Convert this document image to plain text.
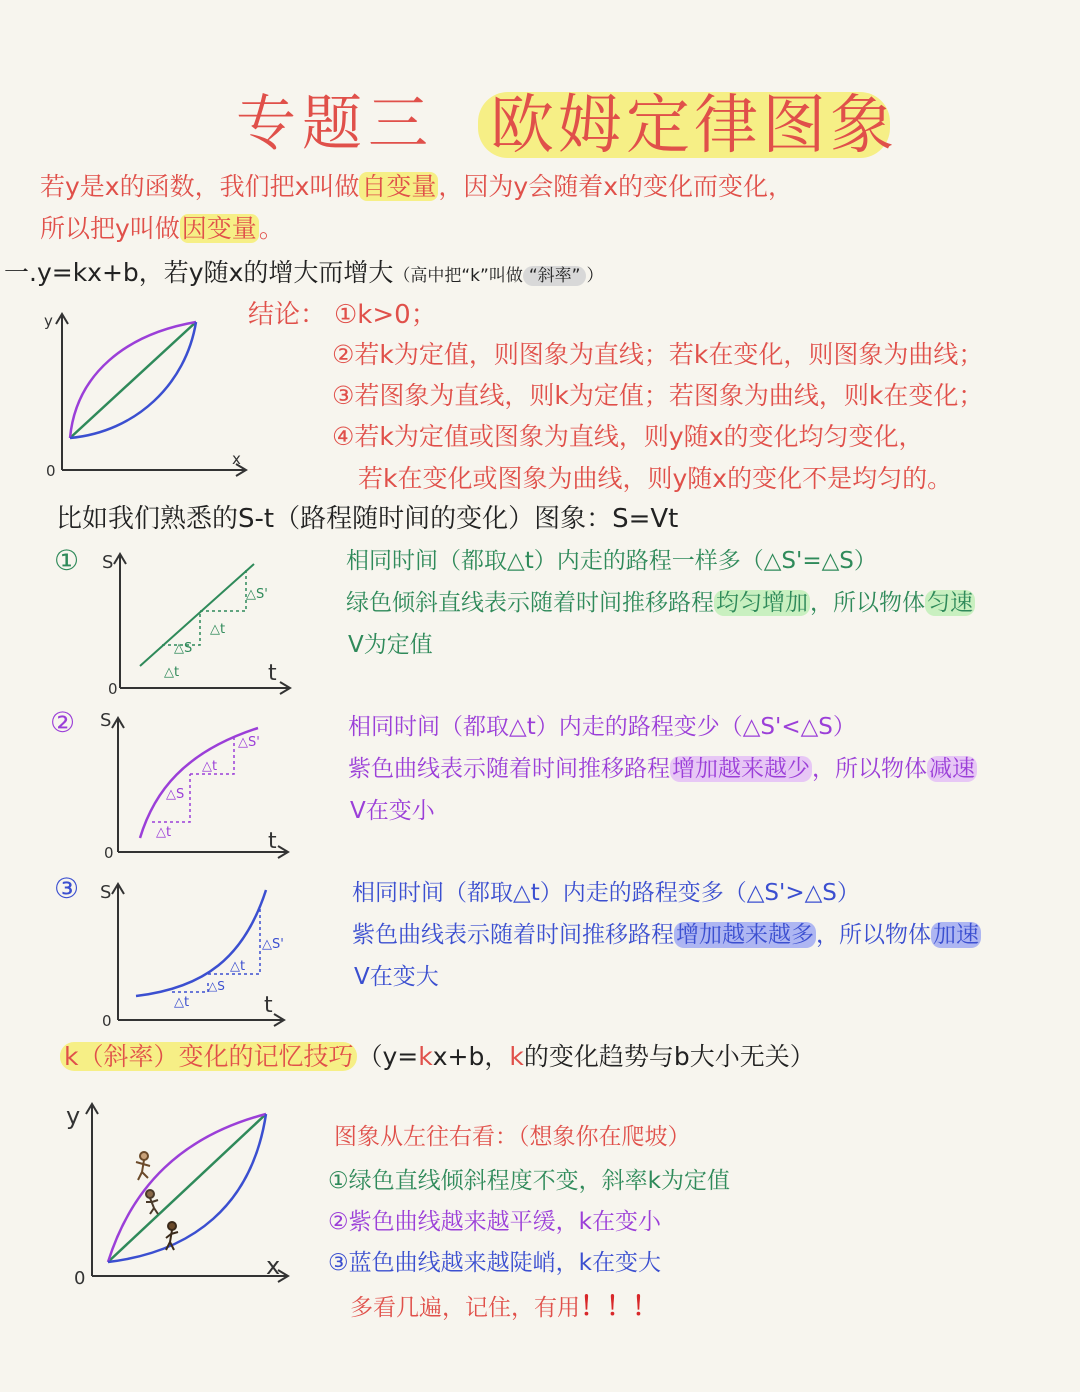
专题三 欧姆定律图象
若y是x的函数，我们把x叫做自变量，因为y会随着x的变化而变化，
所以把y叫做因变量。
一.y=kx+b，若y随x的增大而增大（高中把“k”叫做 “斜率” ）
y
x
0
结论： ①k>0；
②若k为定值，则图象为直线；若k在变化，则图象为曲线；
③若图象为直线，则k为定值；若图象为曲线，则k在变化；
④若k为定值或图象为直线，则y随x的变化均匀变化，
若k在变化或图象为曲线，则y随x的变化不是均匀的。
比如我们熟悉的S-t（路程随时间的变化）图象：S=Vt
① S
t
0
△S'
△t
△S
△t
相同时间（都取△t）内走的路程一样多（△S'=△S）
绿色倾斜直线表示随着时间推移路程均匀增加，所以物体匀速
V为定值
② S
t
0
△S'
△t
△S
△t
相同时间（都取△t）内走的路程变少（△S'<△S）
紫色曲线表示随着时间推移路程增加越来越少，所以物体减速
V在变小
③ S
t
0
△S'
△t
△S
△t
相同时间（都取△t）内走的路程变多（△S'>△S）
紫色曲线表示随着时间推移路程增加越来越多，所以物体加速
V在变大
k（斜率）变化的记忆技巧 （y=kx+b，k的变化趋势与b大小无关）
y
x
0
图象从左往右看：（想象你在爬坡）
①绿色直线倾斜程度不变，斜率k为定值
②紫色曲线越来越平缓，k在变小
③蓝色曲线越来越陡峭，k在变大
多看几遍，记住，有用！！！
